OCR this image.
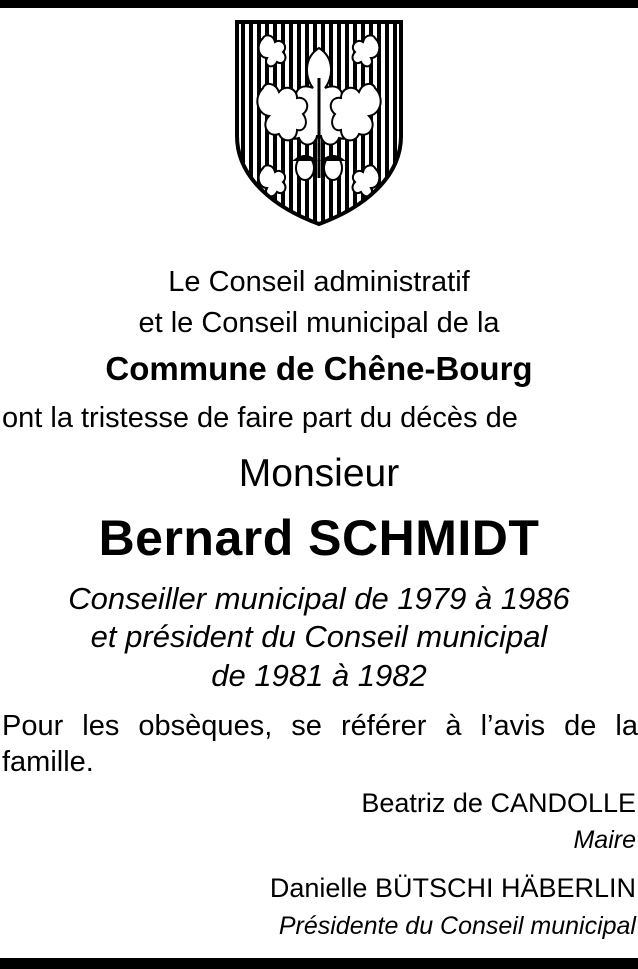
Le Conseil administratif
et le Conseil municipal de la
Commune de Chêne-Bourg
ont la tristesse de faire part du décès de
Monsieur
Bernard SCHMIDT
Conseiller municipal de 1979 à 1986
et président du Conseil municipal
de 1981 à 1982
Pour les obsèques, se référer à l’avis de la famille.
Beatriz de CANDOLLE
Maire
Danielle BÜTSCHI HÄBERLIN
Présidente du Conseil municipal
